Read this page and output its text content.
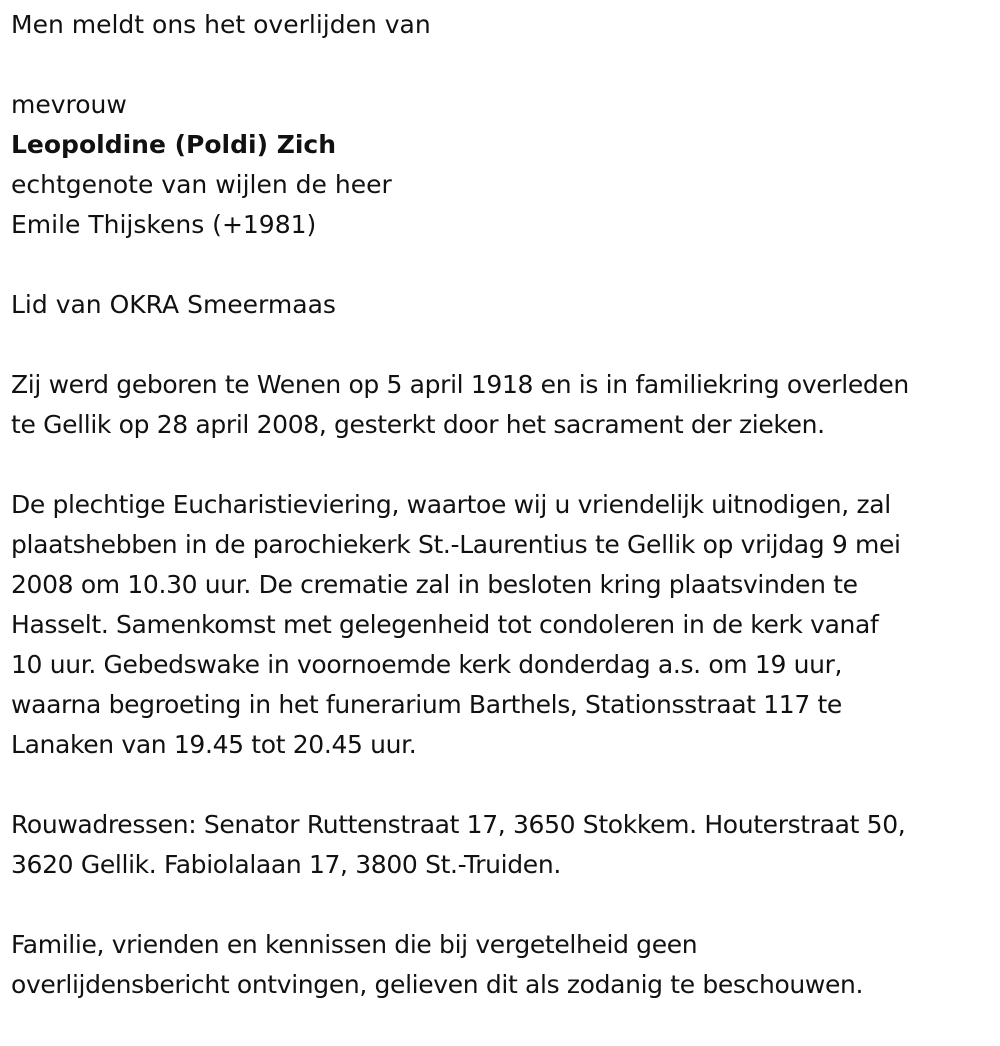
Men meldt ons het overlijden van

mevrouw

Leopoldine (Poldi) Zich

echtgenote van wijlen de heer

Emile Thijskens (+1981)

Lid van OKRA Smeermaas

Zij werd geboren te Wenen op 5 april 1918 en is in familiekring overleden
te Gellik op 28 april 2008, gesterkt door het sacrament der zieken.

De plechtige Eucharistieviering, waartoe wij u vriendelijk uitnodigen, zal
plaatshebben in de parochiekerk St.-Laurentius te Gellik op vrijdag 9 mei
2008 om 10.30 uur. De crematie zal in besloten kring plaatsvinden te
Hasselt. Samenkomst met gelegenheid tot condoleren in de kerk vanaf
10 uur. Gebedswake in voornoemde kerk donderdag a.s. om 19 uur,
waarna begroeting in het funerarium Barthels, Stationsstraat 117 te
Lanaken van 19.45 tot 20.45 uur.

Rouwadressen: Senator Ruttenstraat 17, 3650 Stokkem. Houterstraat 50,
3620 Gellik. Fabiolalaan 17, 3800 St.-Truiden.

Familie, vrienden en kennissen die bij vergetelheid geen
overlijdensbericht ontvingen, gelieven dit als zodanig te beschouwen.
